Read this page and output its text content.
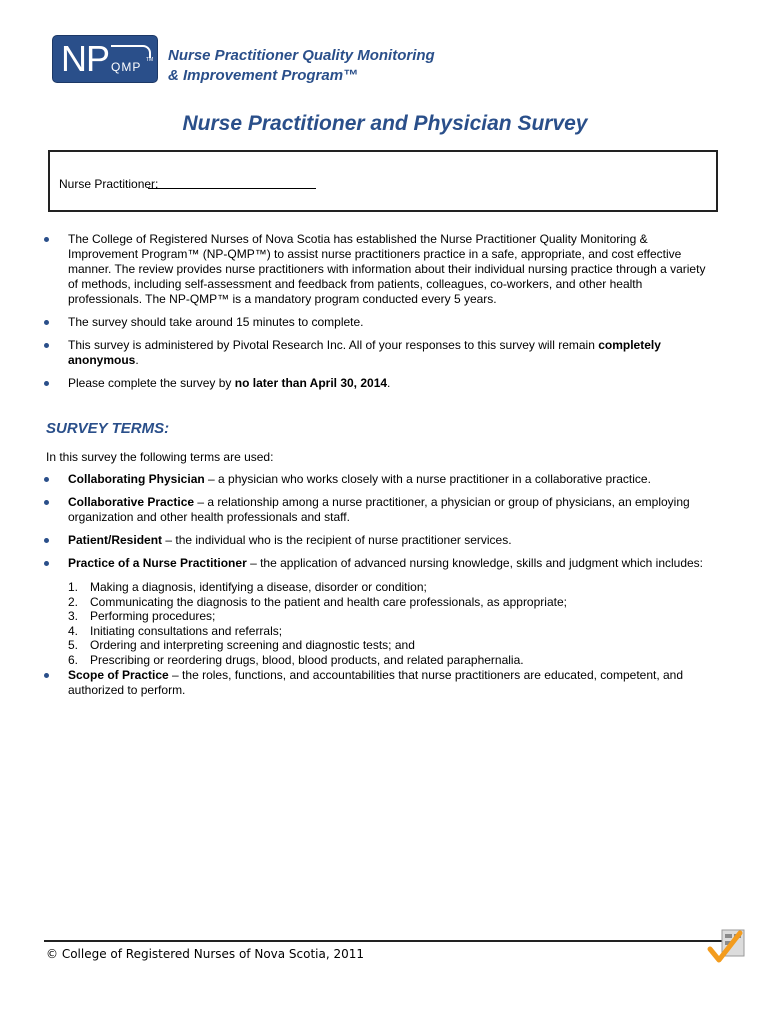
NP QMP TM Nurse Practitioner Quality Monitoring
& Improvement Program™
Nurse Practitioner and Physician Survey
Nurse Practitioner:
The College of Registered Nurses of Nova Scotia has established the Nurse Practitioner Quality Monitoring & Improvement Program™ (NP-QMP™) to assist nurse practitioners practice in a safe, appropriate, and cost effective manner. The review provides nurse practitioners with information about their individual nursing practice through a variety of methods, including self-assessment and feedback from patients, colleagues, co-workers, and other health professionals. The NP-QMP™ is a mandatory program conducted every 5 years.
The survey should take around 15 minutes to complete.
This survey is administered by Pivotal Research Inc. All of your responses to this survey will remain completely anonymous.
Please complete the survey by no later than April 30, 2014.
SURVEY TERMS:
In this survey the following terms are used:
Collaborating Physician – a physician who works closely with a nurse practitioner in a collaborative practice.
Collaborative Practice – a relationship among a nurse practitioner, a physician or group of physicians, an employing organization and other health professionals and staff.
Patient/Resident – the individual who is the recipient of nurse practitioner services.
Practice of a Nurse Practitioner – the application of advanced nursing knowledge, skills and judgment which includes:
1. Making a diagnosis, identifying a disease, disorder or condition;
2. Communicating the diagnosis to the patient and health care professionals, as appropriate;
3. Performing procedures;
4. Initiating consultations and referrals;
5. Ordering and interpreting screening and diagnostic tests; and
6. Prescribing or reordering drugs, blood, blood products, and related paraphernalia.
Scope of Practice – the roles, functions, and accountabilities that nurse practitioners are educated, competent, and authorized to perform.
© College of Registered Nurses of Nova Scotia, 2011
